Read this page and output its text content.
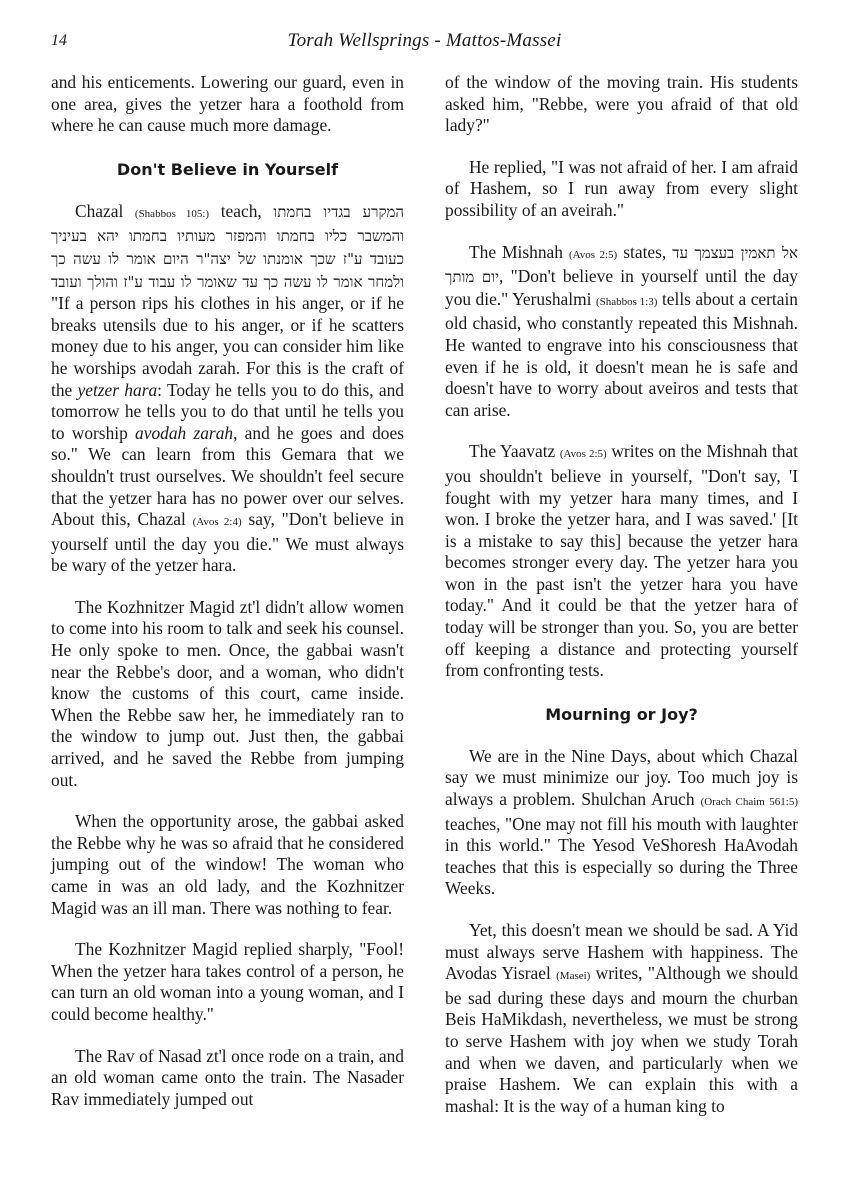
14	Torah Wellsprings - Mattos-Massei

and his enticements. Lowering our guard, even in one area, gives the yetzer hara a foothold from where he can cause much more damage.

Don't Believe in Yourself

Chazal (Shabbos 105:) teach, המקרע בגדיו בחמתו והמשבר כליו בחמתו והמפזר מעותיו בחמתו יהא בעיניך כעובד ע"ז שכך אומנתו של יצה"ר היום אומר לו עשה כך ולמחר אומר לו עשה כך עד שאומר לו עבוד ע"ז והולך ועובד "If a person rips his clothes in his anger, or if he breaks utensils due to his anger, or if he scatters money due to his anger, you can consider him like he worships avodah zarah. For this is the craft of the yetzer hara: Today he tells you to do this, and tomorrow he tells you to do that until he tells you to worship avodah zarah, and he goes and does so." We can learn from this Gemara that we shouldn't trust ourselves. We shouldn't feel secure that the yetzer hara has no power over our selves. About this, Chazal (Avos 2:4) say, "Don't believe in yourself until the day you die." We must always be wary of the yetzer hara.

The Kozhnitzer Magid zt'l didn't allow women to come into his room to talk and seek his counsel. He only spoke to men. Once, the gabbai wasn't near the Rebbe's door, and a woman, who didn't know the customs of this court, came inside. When the Rebbe saw her, he immediately ran to the window to jump out. Just then, the gabbai arrived, and he saved the Rebbe from jumping out.

When the opportunity arose, the gabbai asked the Rebbe why he was so afraid that he considered jumping out of the window! The woman who came in was an old lady, and the Kozhnitzer Magid was an ill man. There was nothing to fear.

The Kozhnitzer Magid replied sharply, "Fool! When the yetzer hara takes control of a person, he can turn an old woman into a young woman, and I could become healthy."

The Rav of Nasad zt'l once rode on a train, and an old woman came onto the train. The Nasader Rav immediately jumped out

of the window of the moving train. His students asked him, "Rebbe, were you afraid of that old lady?"

He replied, "I was not afraid of her. I am afraid of Hashem, so I run away from every slight possibility of an aveirah."

The Mishnah (Avos 2:5) states, אל תאמין בעצמך עד יום מותך, "Don't believe in yourself until the day you die." Yerushalmi (Shabbos 1:3) tells about a certain old chasid, who constantly repeated this Mishnah. He wanted to engrave into his consciousness that even if he is old, it doesn't mean he is safe and doesn't have to worry about aveiros and tests that can arise.

The Yaavatz (Avos 2:5) writes on the Mishnah that you shouldn't believe in yourself, "Don't say, 'I fought with my yetzer hara many times, and I won. I broke the yetzer hara, and I was saved.' [It is a mistake to say this] because the yetzer hara becomes stronger every day. The yetzer hara you won in the past isn't the yetzer hara you have today." And it could be that the yetzer hara of today will be stronger than you. So, you are better off keeping a distance and protecting yourself from confronting tests.

Mourning or Joy?

We are in the Nine Days, about which Chazal say we must minimize our joy. Too much joy is always a problem. Shulchan Aruch (Orach Chaim 561:5) teaches, "One may not fill his mouth with laughter in this world." The Yesod VeShoresh HaAvodah teaches that this is especially so during the Three Weeks.

Yet, this doesn't mean we should be sad. A Yid must always serve Hashem with happiness. The Avodas Yisrael (Masei) writes, "Although we should be sad during these days and mourn the churban Beis HaMikdash, nevertheless, we must be strong to serve Hashem with joy when we study Torah and when we daven, and particularly when we praise Hashem. We can explain this with a mashal: It is the way of a human king to
